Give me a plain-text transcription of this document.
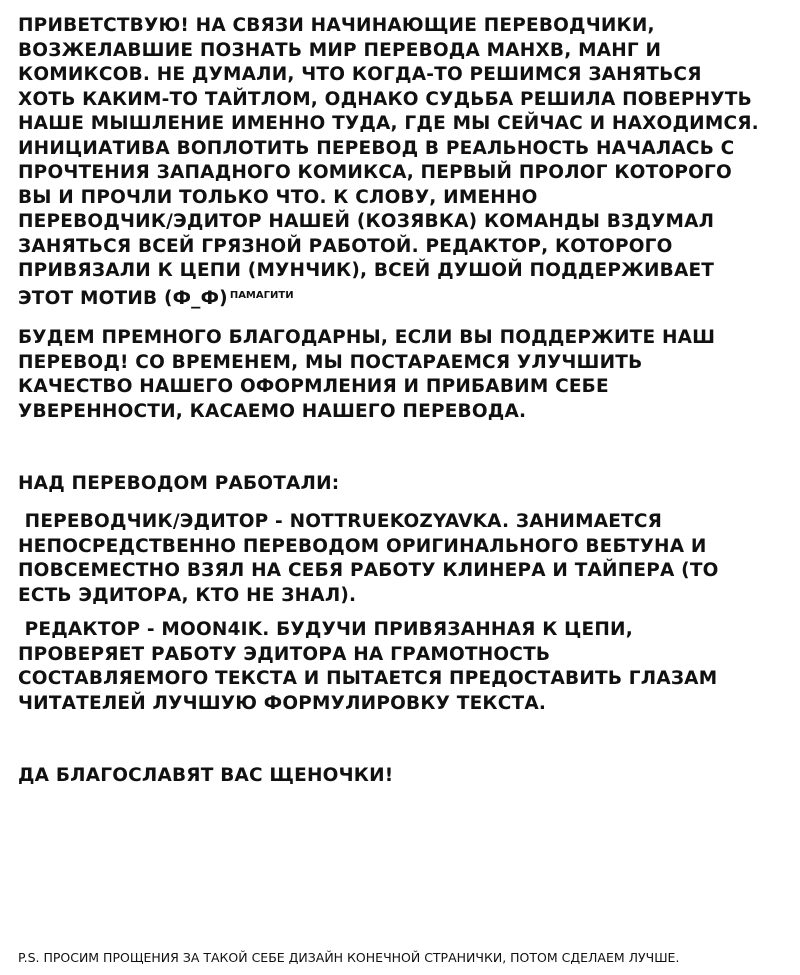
ПРИВЕТСТВУЮ! НА СВЯЗИ НАЧИНАЮЩИЕ ПЕРЕВОДЧИКИ,
ВОЗЖЕЛАВШИЕ ПОЗНАТЬ МИР ПЕРЕВОДА МАНХВ, МАНГ И
КОМИКСОВ. НЕ ДУМАЛИ, ЧТО КОГДА-ТО РЕШИМСЯ ЗАНЯТЬСЯ
ХОТЬ КАКИМ-ТО ТАЙТЛОМ, ОДНАКО СУДЬБА РЕШИЛА ПОВЕРНУТЬ
НАШЕ МЫШЛЕНИЕ ИМЕННО ТУДА, ГДЕ МЫ СЕЙЧАС И НАХОДИМСЯ.
ИНИЦИАТИВА ВОПЛОТИТЬ ПЕРЕВОД В РЕАЛЬНОСТЬ НАЧАЛАСЬ С
ПРОЧТЕНИЯ ЗАПАДНОГО КОМИКСА, ПЕРВЫЙ ПРОЛОГ КОТОРОГО
ВЫ И ПРОЧЛИ ТОЛЬКО ЧТО. К СЛОВУ, ИМЕННО
ПЕРЕВОДЧИК/ЭДИТОР НАШЕЙ (КОЗЯВКА) КОМАНДЫ ВЗДУМАЛ
ЗАНЯТЬСЯ ВСЕЙ ГРЯЗНОЙ РАБОТОЙ. РЕДАКТОР, КОТОРОГО
ПРИВЯЗАЛИ К ЦЕПИ (МУНЧИК), ВСЕЙ ДУШОЙ ПОДДЕРЖИВАЕТ
ЭТОТ МОТИВ (Ф_Ф) $^{ПАМАГИТИ}$
БУДЕМ ПРЕМНОГО БЛАГОДАРНЫ, ЕСЛИ ВЫ ПОДДЕРЖИТЕ НАШ
ПЕРЕВОД! СО ВРЕМЕНЕМ, МЫ ПОСТАРАЕМСЯ УЛУЧШИТЬ
КАЧЕСТВО НАШЕГО ОФОРМЛЕНИЯ И ПРИБАВИМ СЕБЕ
УВЕРЕННОСТИ, КАСАЕМО НАШЕГО ПЕРЕВОДА.
НАД ПЕРЕВОДОМ РАБОТАЛИ:
ПЕРЕВОДЧИК/ЭДИТОР - NOTTRUEKOZYAVKA. ЗАНИМАЕТСЯ
НЕПОСРЕДСТВЕННО ПЕРЕВОДОМ ОРИГИНАЛЬНОГО ВЕБТУНА И
ПОВСЕМЕСТНО ВЗЯЛ НА СЕБЯ РАБОТУ КЛИНЕРА И ТАЙПЕРА (ТО
ЕСТЬ ЭДИТОРА, КТО НЕ ЗНАЛ).
РЕДАКТОР - MOON4IK. БУДУЧИ ПРИВЯЗАННАЯ К ЦЕПИ,
ПРОВЕРЯЕТ РАБОТУ ЭДИТОРА НА ГРАМОТНОСТЬ
СОСТАВЛЯЕМОГО ТЕКСТА И ПЫТАЕТСЯ ПРЕДОСТАВИТЬ ГЛАЗАМ
ЧИТАТЕЛЕЙ ЛУЧШУЮ ФОРМУЛИРОВКУ ТЕКСТА.
ДА БЛАГОСЛАВЯТ ВАС ЩЕНОЧКИ!

P.S. ПРОСИМ ПРОЩЕНИЯ ЗА ТАКОЙ СЕБЕ ДИЗАЙН КОНЕЧНОЙ СТРАНИЧКИ, ПОТОМ СДЕЛАЕМ ЛУЧШЕ.
